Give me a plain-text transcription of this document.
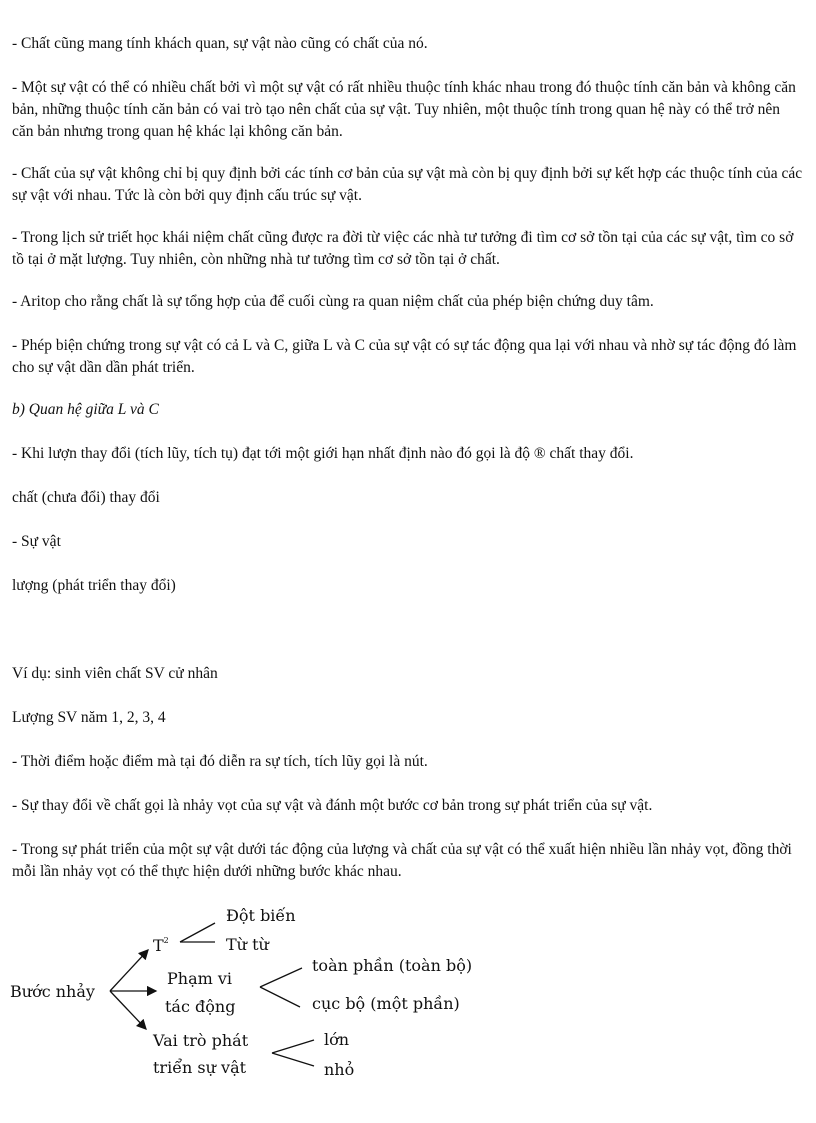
- Chất cũng mang tính khách quan, sự vật nào cũng có chất của nó.

- Một sự vật có thể có nhiều chất bởi vì một sự vật có rất nhiều thuộc tính khác nhau trong đó thuộc tính căn bản và không căn bản, những thuộc tính căn bản có vai trò tạo nên chất của sự vật. Tuy nhiên, một thuộc tính trong quan hệ này có thể trở nên căn bản nhưng trong quan hệ khác lại không căn bản.

- Chất của sự vật không chỉ bị quy định bởi các tính cơ bản của sự vật mà còn bị quy định bởi sự kết hợp các thuộc tính của các sự vật với nhau. Tức là còn bởi quy định cấu trúc sự vật.

- Trong lịch sử triết học khái niệm chất cũng được ra đời từ việc các nhà tư tưởng đi tìm cơ sở tồn tại của các sự vật, tìm co sở tồ tại ở mặt lượng. Tuy nhiên, còn những nhà tư tưởng tìm cơ sở tồn tại ở chất.

- Aritop cho rằng chất là sự tổng hợp của để cuối cùng ra quan niệm chất của phép biện chứng duy tâm.

- Phép biện chứng trong sự vật có cả L và C, giữa L và C của sự vật có sự tác động qua lại với nhau và nhờ sự tác động đó làm cho sự vật dần dần phát triển.

b) Quan hệ giữa L và C

- Khi lượn thay đổi (tích lũy, tích tụ) đạt tới một giới hạn nhất định nào đó gọi là độ ® chất thay đổi.

chất (chưa đổi) thay đổi

- Sự vật

lượng (phát triển thay đổi)

Ví dụ: sinh viên chất SV cử nhân

Lượng SV năm 1, 2, 3, 4

- Thời điểm hoặc điểm mà tại đó diễn ra sự tích, tích lũy gọi là nút.

- Sự thay đổi về chất gọi là nhảy vọt của sự vật và đánh một bước cơ bản trong sự phát triển của sự vật.

- Trong sự phát triển của một sự vật dưới tác động của lượng và chất của sự vật có thể xuất hiện nhiều lần nhảy vọt, đồng thời mỗi lần nhảy vọt có thể thực hiện dưới những bước khác nhau.

Bước nhảy
$T^2$
Đột biến
Từ từ
Phạm vi
tác động
toàn phần (toàn bộ)
cục bộ (một phần)
Vai trò phát
triển sự vật
lớn
nhỏ
